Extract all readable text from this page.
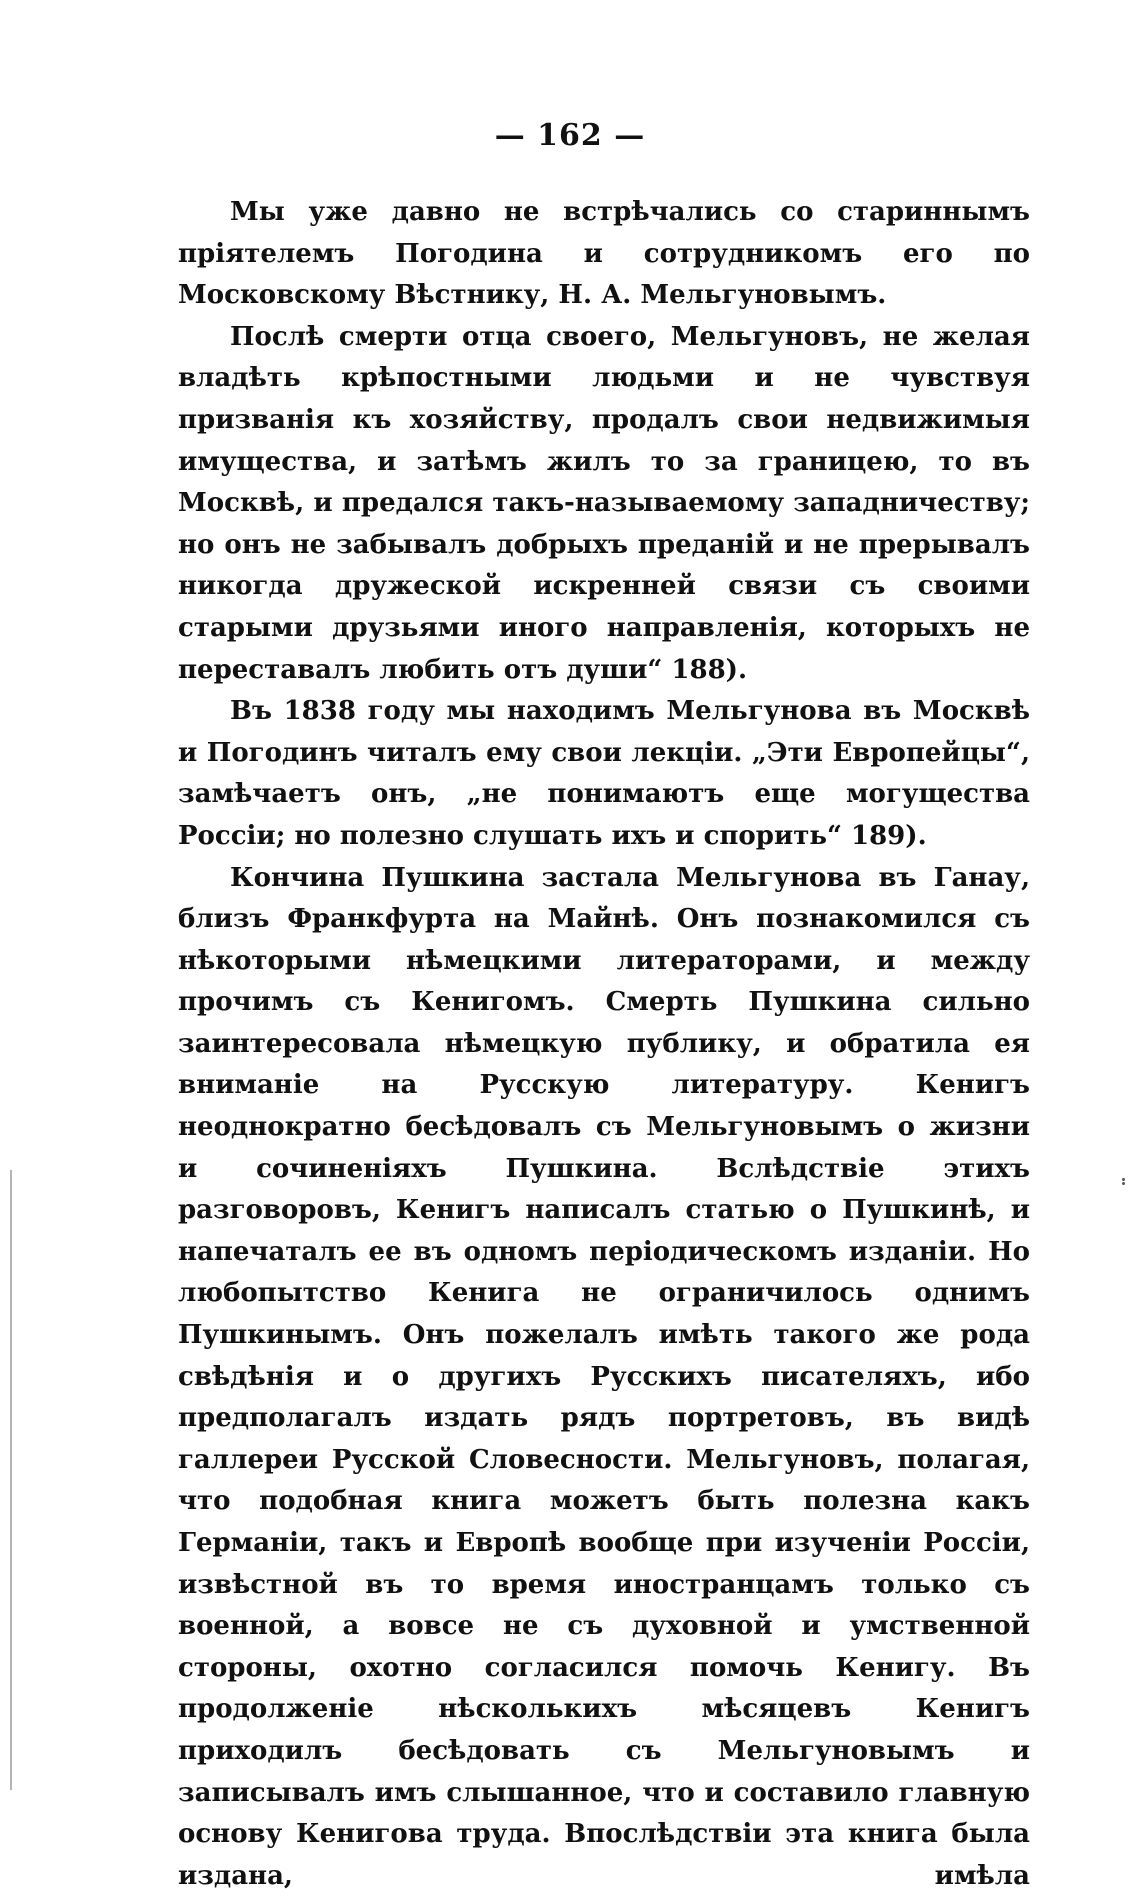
— 162 —

Мы уже давно не встрѣчались со стариннымъ прiятелемъ Погодина и сотрудникомъ его по Московскому Вѣстнику, Н. А. Мельгуновымъ.

Послѣ смерти отца своего, Мельгуновъ, не желая владѣть крѣпостными людьми и не чувствуя призванiя къ хозяйству, продалъ свои недвижимыя имущества, и затѣмъ жилъ то за границею, то въ Москвѣ, и предался такъ-называемому западничеству; но онъ не забывалъ добрыхъ преданiй и не прерывалъ никогда дружеской искренней связи съ своими старыми друзьями иного направленiя, которыхъ не переставалъ любить отъ души“ 188).

Въ 1838 году мы находимъ Мельгунова въ Москвѣ и Погодинъ читалъ ему свои лекцiи. „Эти Европейцы“, замѣчаетъ онъ, „не понимаютъ еще могущества Россiи; но полезно слушать ихъ и спорить“ 189).

Кончина Пушкина застала Мельгунова въ Ганау, близъ Франкфурта на Майнѣ. Онъ познакомился съ нѣкоторыми нѣмецкими литераторами, и между прочимъ съ Кенигомъ. Смерть Пушкина сильно заинтересовала нѣмецкую публику, и обратила ея вниманiе на Русскую литературу. Кенигъ неоднократно бесѣдовалъ съ Мельгуновымъ о жизни и сочиненiяхъ Пушкина. Вслѣдствiе этихъ разговоровъ, Кенигъ написалъ статью о Пушкинѣ, и напечаталъ ее въ одномъ перiодическомъ изданiи. Но любопытство Кенига не ограничилось однимъ Пушкинымъ. Онъ пожелалъ имѣть такого же рода свѣдѣнiя и о другихъ Русскихъ писателяхъ, ибо предполагалъ издать рядъ портретовъ, въ видѣ галлереи Русской Словесности. Мельгуновъ, полагая, что подобная книга можетъ быть полезна какъ Германiи, такъ и Европѣ вообще при изученiи Россiи, извѣстной въ то время иностранцамъ только съ военной, а вовсе не съ духовной и умственной стороны, охотно согласился помочь Кенигу. Въ продолженiе нѣсколькихъ мѣсяцевъ Кенигъ приходилъ бесѣдовать съ Мельгуновымъ и записывалъ имъ слышанное, что и составило главную основу Кенигова труда. Впослѣдствiи эта книга была издана, имѣла
